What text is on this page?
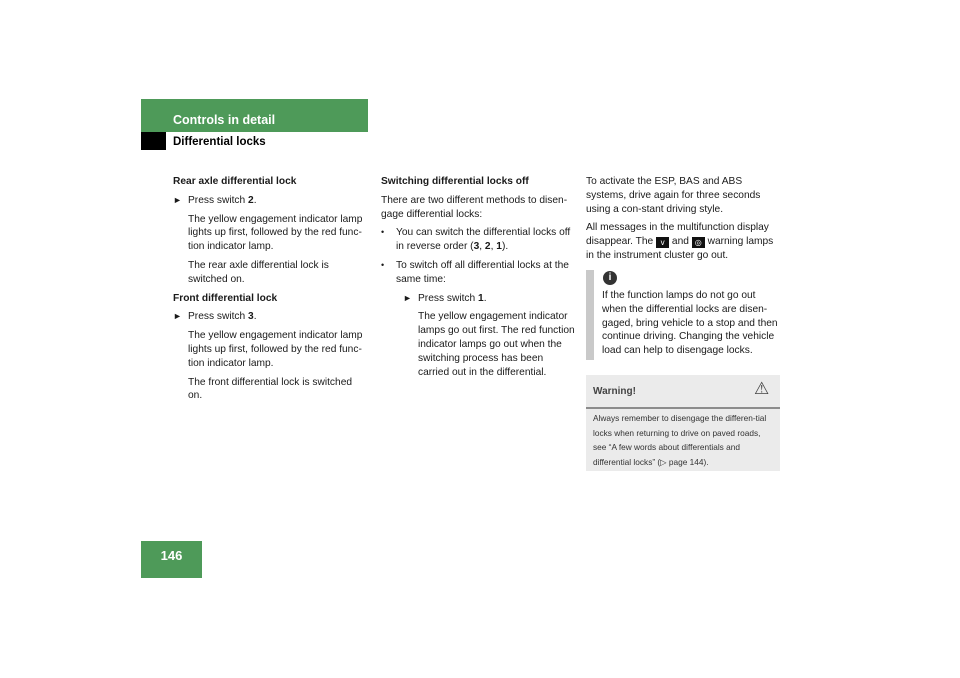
Controls in detail
Differential locks

Rear axle differential lock

► Press switch 2.

The yellow engagement indicator lamp lights up first, followed by the red func-tion indicator lamp.

The rear axle differential lock is switched on.

Front differential lock

► Press switch 3.

The yellow engagement indicator lamp lights up first, followed by the red func-tion indicator lamp.

The front differential lock is switched on.

Switching differential locks off

There are two different methods to disen-gage differential locks:

•	You can switch the differential locks off in reverse order (3, 2, 1).
•	To switch off all differential locks at the same time:
► Press switch 1.

The yellow engagement indicator lamps go out first. The red function indicator lamps go out when the switching process has been carried out in the differential.

To activate the ESP, BAS and ABS systems, drive again for three seconds using a con-stant driving style.

All messages in the multifunction display disappear. The v and ◎ warning lamps in the instrument cluster go out.

i
If the function lamps do not go out when the differential locks are disen-gaged, bring vehicle to a stop and then continue driving. Changing the vehicle load can help to disengage locks.
Warning!	⚠
Always remember to disengage the differen-tial locks when returning to drive on paved roads, see “A few words about differentials and differential locks” (▷ page 144).
146
